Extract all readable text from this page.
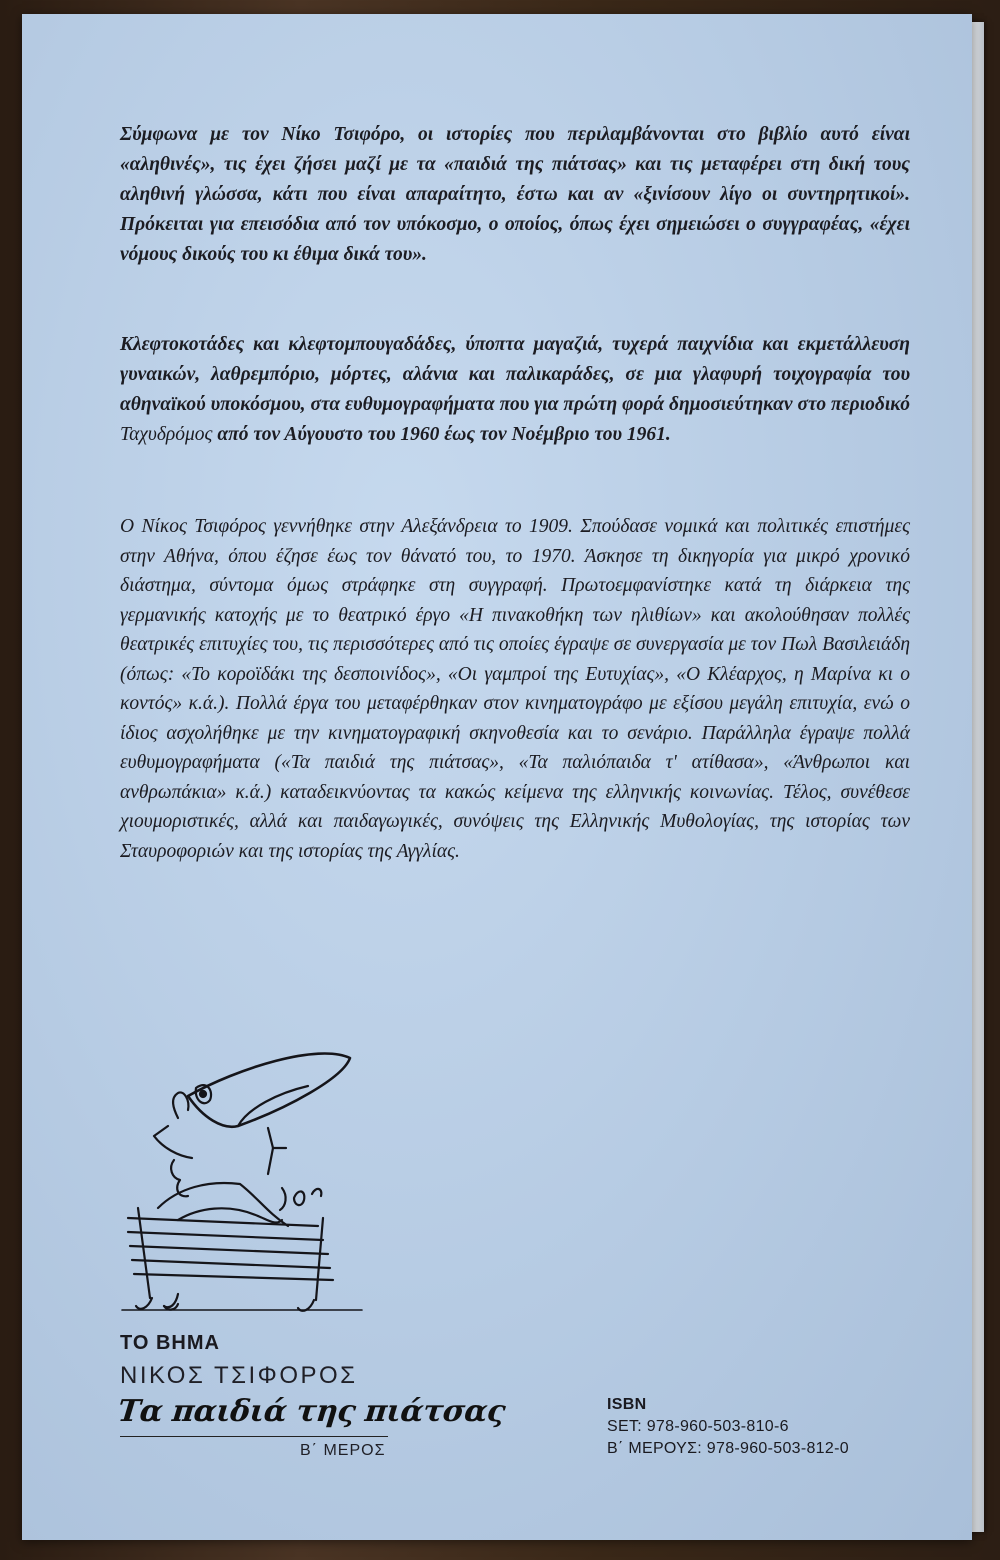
Σύμφωνα με τον Νίκο Τσιφόρο, οι ιστορίες που περιλαμβάνονται στο βιβλίο αυτό είναι «αληθινές», τις έχει ζήσει μαζί με τα «παιδιά της πιάτσας» και τις μεταφέρει στη δική τους αληθινή γλώσσα, κάτι που είναι απαραίτητο, έστω και αν «ξινίσουν λίγο οι συντηρητικοί». Πρόκειται για επεισόδια από τον υπόκοσμο, ο οποίος, όπως έχει σημειώσει ο συγγραφέας, «έχει νόμους δικούς του κι έθιμα δικά του».

Κλεφτοκοτάδες και κλεφτομπουγαδάδες, ύποπτα μαγαζιά, τυχερά παιχνίδια και εκμετάλλευση γυναικών, λαθρεμπόριο, μόρτες, αλάνια και παλικαράδες, σε μια γλαφυρή τοιχογραφία του αθηναϊκού υποκόσμου, στα ευθυμογραφήματα που για πρώτη φορά δημοσιεύτηκαν στο περιοδικό Ταχυδρόμος από τον Αύγουστο του 1960 έως τον Νοέμβριο του 1961.

Ο Νίκος Τσιφόρος γεννήθηκε στην Αλεξάνδρεια το 1909. Σπούδασε νομικά και πολιτικές επιστήμες στην Αθήνα, όπου έζησε έως τον θάνατό του, το 1970. Άσκησε τη δικηγορία για μικρό χρονικό διάστημα, σύντομα όμως στράφηκε στη συγγραφή. Πρωτοεμφανίστηκε κατά τη διάρκεια της γερμανικής κατοχής με το θεατρικό έργο «Η πινακοθήκη των ηλιθίων» και ακολούθησαν πολλές θεατρικές επιτυχίες του, τις περισσότερες από τις οποίες έγραψε σε συνεργασία με τον Πωλ Βασιλειάδη (όπως: «Το κοροϊδάκι της δεσποινίδος», «Οι γαμπροί της Ευτυχίας», «Ο Κλέαρχος, η Μαρίνα κι ο κοντός» κ.ά.). Πολλά έργα του μεταφέρθηκαν στον κινηματογράφο με εξίσου μεγάλη επιτυχία, ενώ ο ίδιος ασχολήθηκε με την κινηματογραφική σκηνοθεσία και το σενάριο. Παράλληλα έγραψε πολλά ευθυμογραφήματα («Τα παιδιά της πιάτσας», «Τα παλιόπαιδα τ' ατίθασα», «Άνθρωποι και ανθρωπάκια» κ.ά.) καταδεικνύοντας τα κακώς κείμενα της ελληνικής κοινωνίας. Τέλος, συνέθεσε χιουμοριστικές, αλλά και παιδαγωγικές, συνόψεις της Ελληνικής Μυθολογίας, της ιστορίας των Σταυροφοριών και της ιστορίας της Αγγλίας.

ΤΟ ΒΗΜΑ

ΝΙΚΟΣ ΤΣΙΦΟΡΟΣ

Τα παιδιά της πιάτσας

Β΄ ΜΕΡΟΣ

ISBN
SET: 978-960-503-810-6
Β΄ ΜΕΡΟΥΣ: 978-960-503-812-0
